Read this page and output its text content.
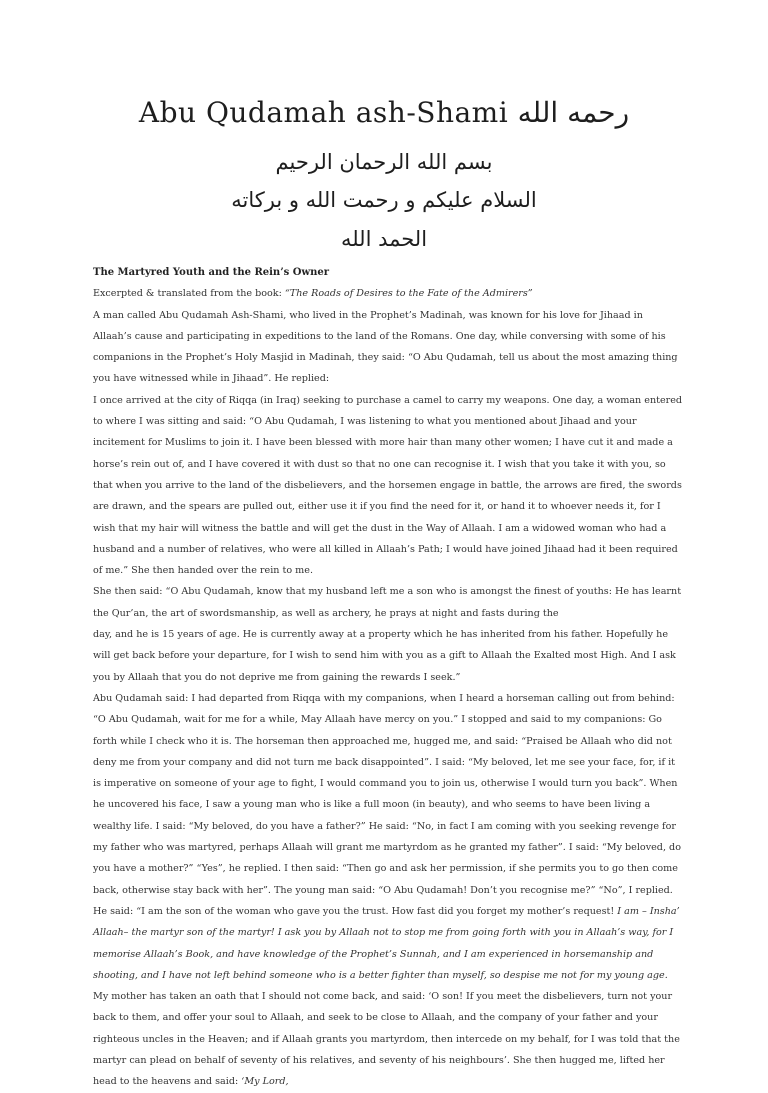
Abu Qudamah ash-Shami رحمه الله
بسم الله الرحمان الرحيم
السلام عليكم و رحمت الله و بركاته
الحمد الله

The Martyred Youth and the Rein’s Owner

Excerpted & translated from the book: “The Roads of Desires to the Fate of the Admirers”

A man called Abu Qudamah Ash-Shami, who lived in the Prophet’s Madinah, was known for his love for Jihaad in Allaah’s cause and participating in expeditions to the land of the Romans. One day, while conversing with some of his companions in the Prophet’s Holy Masjid in Madinah, they said: “O Abu Qudamah, tell us about the most amazing thing you have witnessed while in Jihaad”. He replied:

I once arrived at the city of Riqqa (in Iraq) seeking to purchase a camel to carry my weapons. One day, a woman entered to where I was sitting and said: “O Abu Qudamah, I was listening to what you mentioned about Jihaad and your incitement for Muslims to join it. I have been blessed with more hair than many other women; I have cut it and made a horse’s rein out of, and I have covered it with dust so that no one can recognise it. I wish that you take it with you, so that when you arrive to the land of the disbelievers, and the horsemen engage in battle, the arrows are fired, the swords are drawn, and the spears are pulled out, either use it if you find the need for it, or hand it to whoever needs it, for I wish that my hair will witness the battle and will get the dust in the Way of Allaah. I am a widowed woman who had a husband and a number of relatives, who were all killed in Allaah’s Path; I would have joined Jihaad had it been required of me.” She then handed over the rein to me.

She then said: “O Abu Qudamah, know that my husband left me a son who is amongst the finest of youths: He has learnt the Qur’an, the art of swordsmanship, as well as archery, he prays at night and fasts during the

day, and he is 15 years of age. He is currently away at a property which he has inherited from his father. Hopefully he will get back before your departure, for I wish to send him with you as a gift to Allaah the Exalted most High. And I ask you by Allaah that you do not deprive me from gaining the rewards I seek.”

Abu Qudamah said: I had departed from Riqqa with my companions, when I heard a horseman calling out from behind: “O Abu Qudamah, wait for me for a while, May Allaah have mercy on you.” I stopped and said to my companions: Go forth while I check who it is. The horseman then approached me, hugged me, and said: “Praised be Allaah who did not deny me from your company and did not turn me back disappointed”. I said: “My beloved, let me see your face, for, if it is imperative on someone of your age to fight, I would command you to join us, otherwise I would turn you back”. When he uncovered his face, I saw a young man who is like a full moon (in beauty), and who seems to have been living a wealthy life. I said: “My beloved, do you have a father?” He said: “No, in fact I am coming with you seeking revenge for my father who was martyred, perhaps Allaah will grant me martyrdom as he granted my father”. I said: “My beloved, do you have a mother?” “Yes”, he replied. I then said: “Then go and ask her permission, if she permits you to go then come back, otherwise stay back with her”. The young man said: “O Abu Qudamah! Don’t you recognise me?” “No”, I replied. He said: “I am the son of the woman who gave you the trust. How fast did you forget my mother’s request! I am – Insha’ Allaah– the martyr son of the martyr! I ask you by Allaah not to stop me from going forth with you in Allaah’s way, for I memorise Allaah’s Book, and have knowledge of the Prophet’s Sunnah, and I am experienced in horsemanship and shooting, and I have not left behind someone who is a better fighter than myself, so despise me not for my young age. My mother has taken an oath that I should not come back, and said: ‘O son! If you meet the disbelievers, turn not your back to them, and offer your soul to Allaah, and seek to be close to Allaah, and the company of your father and your righteous uncles in the Heaven; and if Allaah grants you martyrdom, then intercede on my behalf, for I was told that the martyr can plead on behalf of seventy of his relatives, and seventy of his neighbours’. She then hugged me, lifted her head to the heavens and said: ‘My Lord,
